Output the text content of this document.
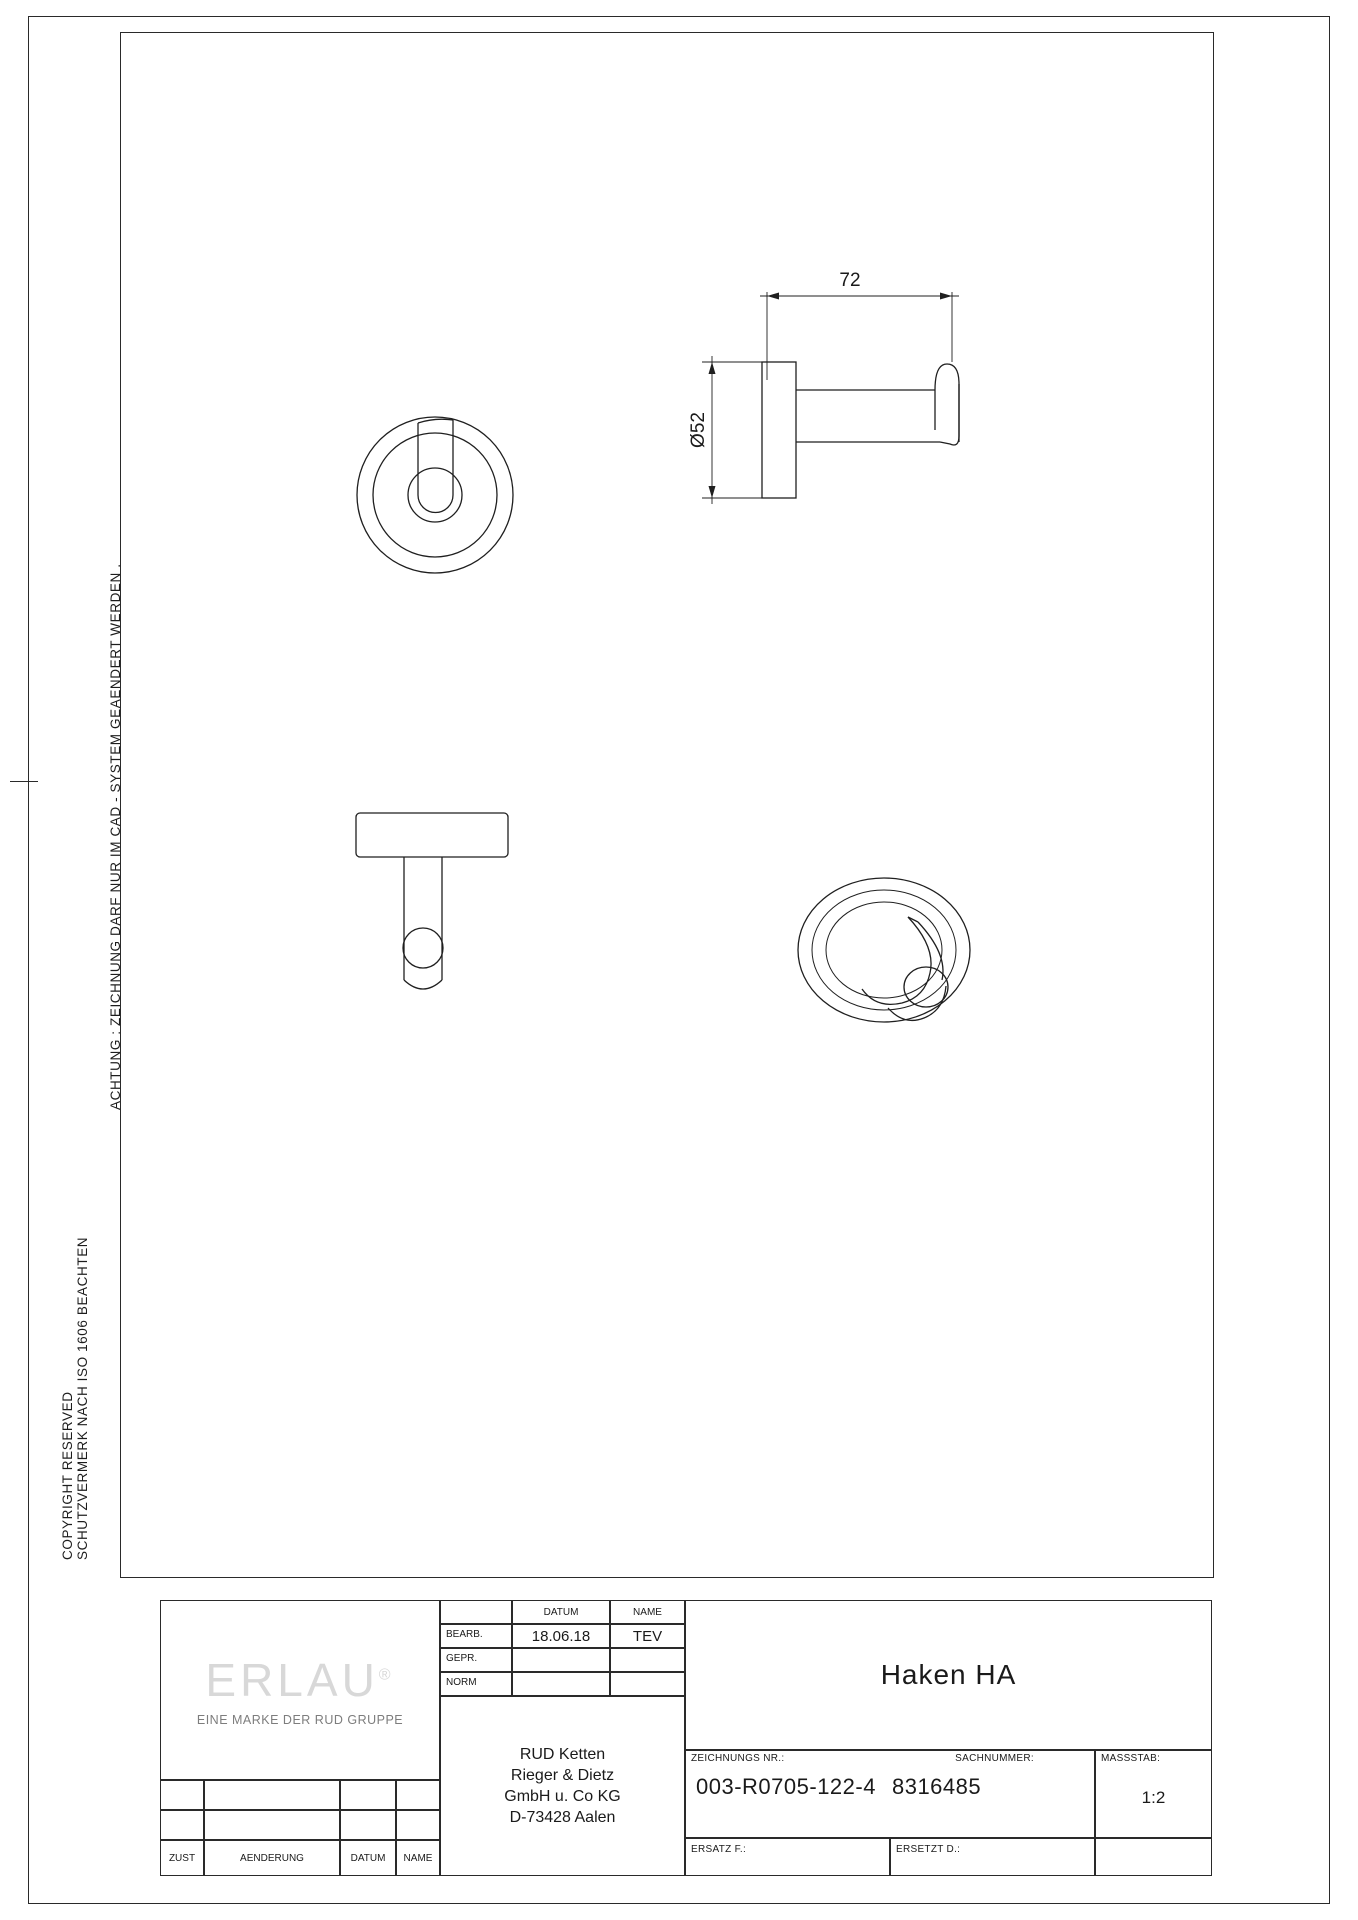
ACHTUNG : ZEICHNUNG DARF NUR IM CAD - SYSTEM GEAENDERT WERDEN .
SCHUTZVERMERK NACH ISO 1606 BEACHTEN
COPYRIGHT RESERVED
72
Ø52
ERLAU®
EINE MARKE DER RUD GRUPPE
ZUST	AENDERUNG	DATUM	NAME
DATUM	NAME
BEARB.	18.06.18	TEV
GEPR.
NORM
RUD Ketten
Rieger & Dietz
GmbH u. Co KG
D-73428 Aalen
Haken HA
ZEICHNUNGS NR.:	SACHNUMMER:
003-R0705-122-4 8316485
MASSSTAB:
1:2
ERSATZ F.:	ERSETZT D.:
